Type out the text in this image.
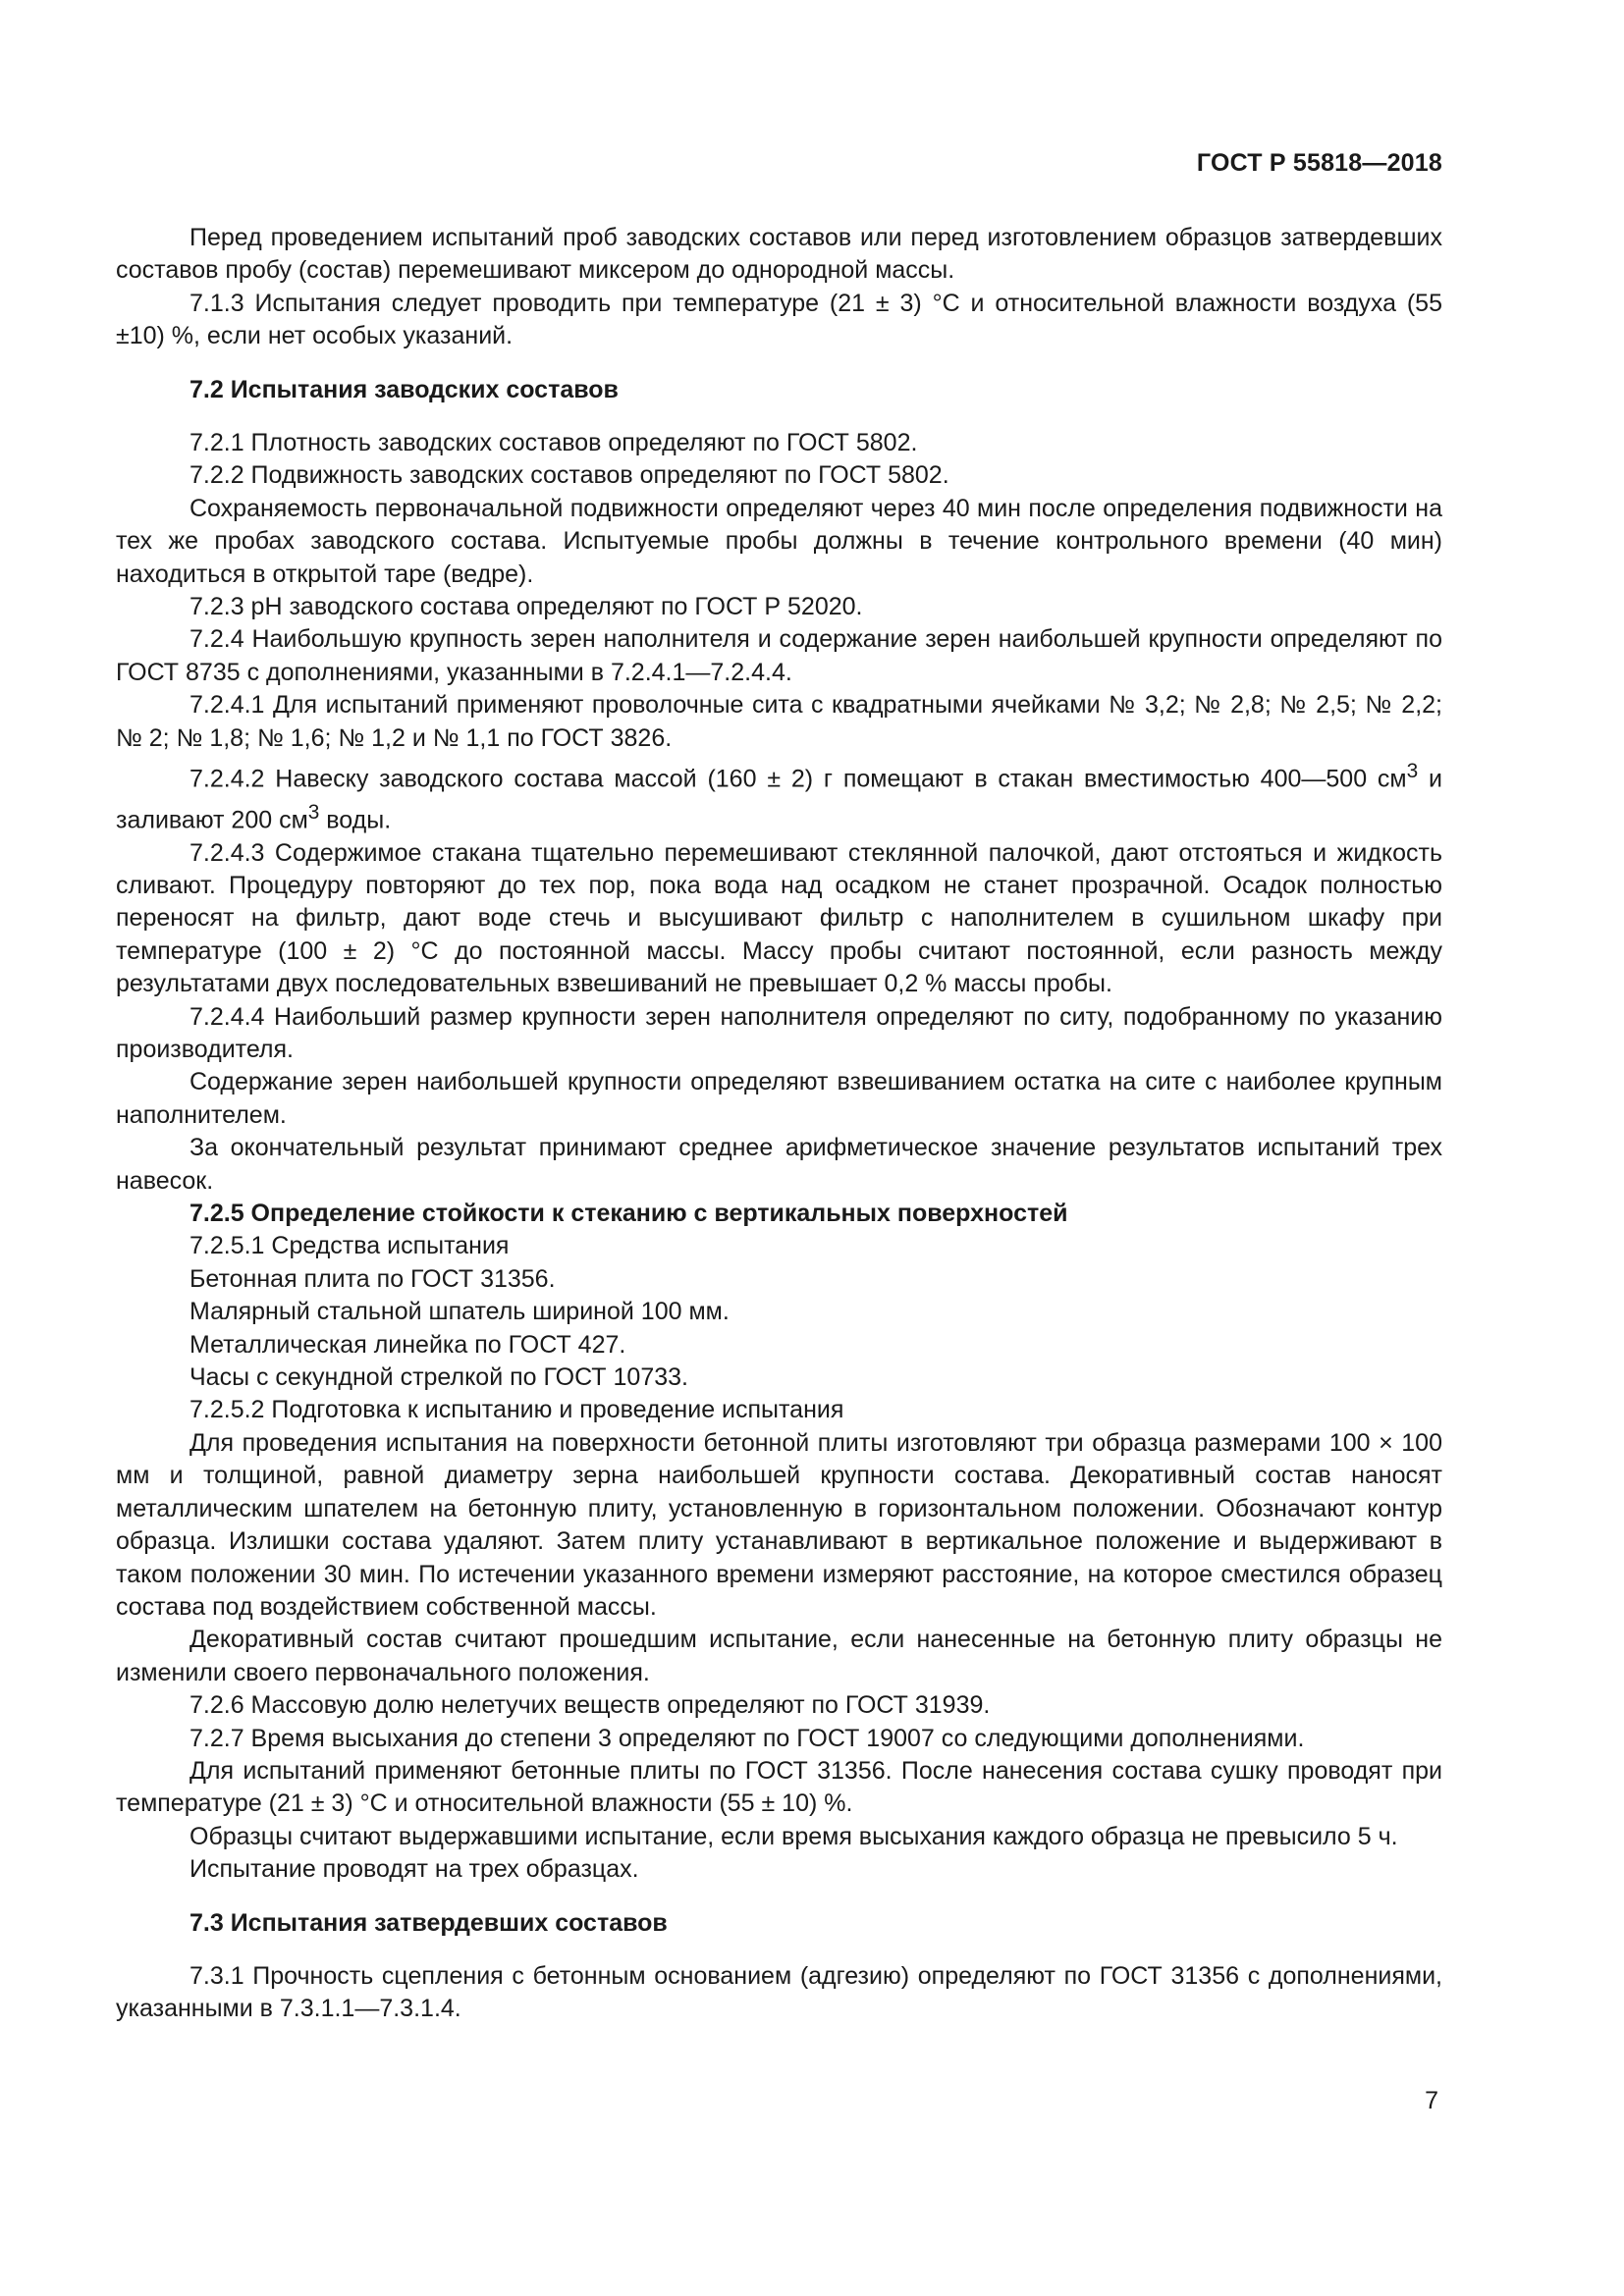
ГОСТ Р 55818—2018

Перед проведением испытаний проб заводских составов или перед изготовлением образцов затвердевших составов пробу (состав) перемешивают миксером до однородной массы.

7.1.3 Испытания следует проводить при температуре (21 ± 3) °С и относительной влажности воздуха (55 ±10) %, если нет особых указаний.

7.2 Испытания заводских составов

7.2.1 Плотность заводских составов определяют по ГОСТ 5802.

7.2.2 Подвижность заводских составов определяют по ГОСТ 5802.

Сохраняемость первоначальной подвижности определяют через 40 мин после определения подвижности на тех же пробах заводского состава. Испытуемые пробы должны в течение контрольного времени (40 мин) находиться в открытой таре (ведре).

7.2.3 pH заводского состава определяют по ГОСТ Р 52020.

7.2.4 Наибольшую крупность зерен наполнителя и содержание зерен наибольшей крупности определяют по ГОСТ 8735 с дополнениями, указанными в 7.2.4.1—7.2.4.4.

7.2.4.1 Для испытаний применяют проволочные сита с квадратными ячейками № 3,2; № 2,8; № 2,5; № 2,2; № 2; № 1,8; № 1,6; № 1,2 и № 1,1 по ГОСТ 3826.

7.2.4.2 Навеску заводского состава массой (160 ± 2) г помещают в стакан вместимостью 400—500 $см^3$ и заливают 200 $см^3$ воды.

7.2.4.3 Содержимое стакана тщательно перемешивают стеклянной палочкой, дают отстояться и жидкость сливают. Процедуру повторяют до тех пор, пока вода над осадком не станет прозрачной. Осадок полностью переносят на фильтр, дают воде стечь и высушивают фильтр с наполнителем в сушильном шкафу при температуре (100 ± 2) °С до постоянной массы. Массу пробы считают постоянной, если разность между результатами двух последовательных взвешиваний не превышает 0,2 % массы пробы.

7.2.4.4 Наибольший размер крупности зерен наполнителя определяют по ситу, подобранному по указанию производителя.

Содержание зерен наибольшей крупности определяют взвешиванием остатка на сите с наиболее крупным наполнителем.

За окончательный результат принимают среднее арифметическое значение результатов испытаний трех навесок.

7.2.5 Определение стойкости к стеканию с вертикальных поверхностей

7.2.5.1 Средства испытания

Бетонная плита по ГОСТ 31356.

Малярный стальной шпатель шириной 100 мм.

Металлическая линейка по ГОСТ 427.

Часы с секундной стрелкой по ГОСТ 10733.

7.2.5.2 Подготовка к испытанию и проведение испытания

Для проведения испытания на поверхности бетонной плиты изготовляют три образца размерами 100 × 100 мм и толщиной, равной диаметру зерна наибольшей крупности состава. Декоративный состав наносят металлическим шпателем на бетонную плиту, установленную в горизонтальном положении. Обозначают контур образца. Излишки состава удаляют. Затем плиту устанавливают в вертикальное положение и выдерживают в таком положении 30 мин. По истечении указанного времени измеряют расстояние, на которое сместился образец состава под воздействием собственной массы.

Декоративный состав считают прошедшим испытание, если нанесенные на бетонную плиту образцы не изменили своего первоначального положения.

7.2.6 Массовую долю нелетучих веществ определяют по ГОСТ 31939.

7.2.7 Время высыхания до степени 3 определяют по ГОСТ 19007 со следующими дополнениями.

Для испытаний применяют бетонные плиты по ГОСТ 31356. После нанесения состава сушку проводят при температуре (21 ± 3) °С и относительной влажности (55 ± 10) %.

Образцы считают выдержавшими испытание, если время высыхания каждого образца не превысило 5 ч.

Испытание проводят на трех образцах.

7.3 Испытания затвердевших составов

7.3.1 Прочность сцепления с бетонным основанием (адгезию) определяют по ГОСТ 31356 с дополнениями, указанными в 7.3.1.1—7.3.1.4.

7
